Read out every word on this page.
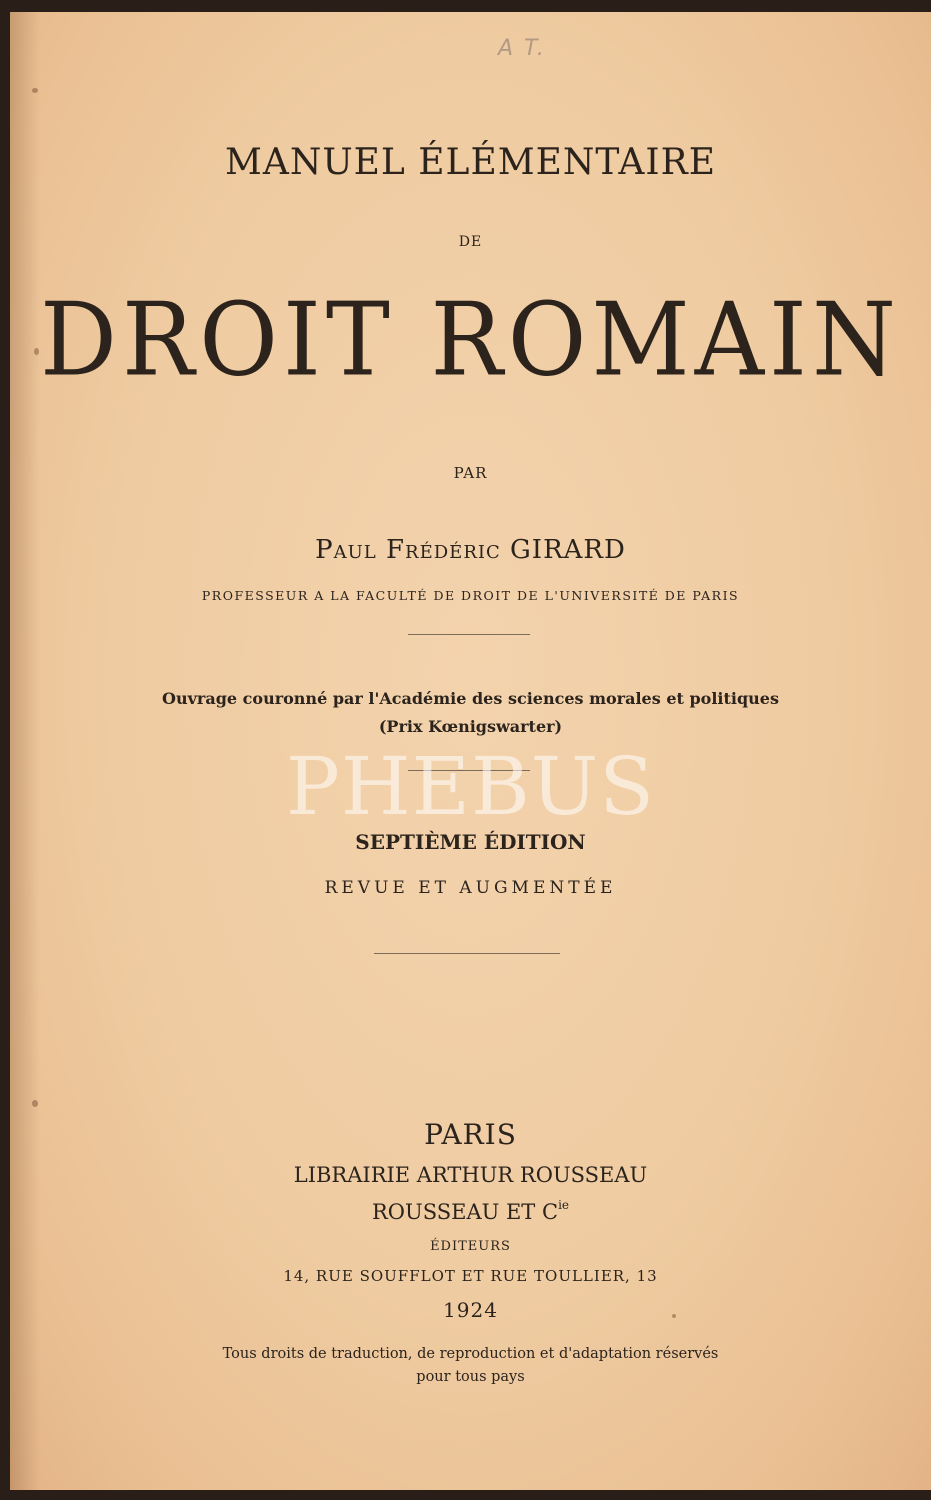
A T.
MANUEL ÉLÉMENTAIRE
DE
DROIT ROMAIN
PAR
Paul Frédéric GIRARD
PROFESSEUR A LA FACULTÉ DE DROIT DE L'UNIVERSITÉ DE PARIS
Ouvrage couronné par l'Académie des sciences morales et politiques
(Prix Kœnigswarter)
PHEBUS
SEPTIÈME ÉDITION
REVUE ET AUGMENTÉE
PARIS
LIBRAIRIE ARTHUR ROUSSEAU
ROUSSEAU ET $C^{ie}$
ÉDITEURS
14, RUE SOUFFLOT ET RUE TOULLIER, 13
1924
Tous droits de traduction, de reproduction et d'adaptation réservés
pour tous pays
